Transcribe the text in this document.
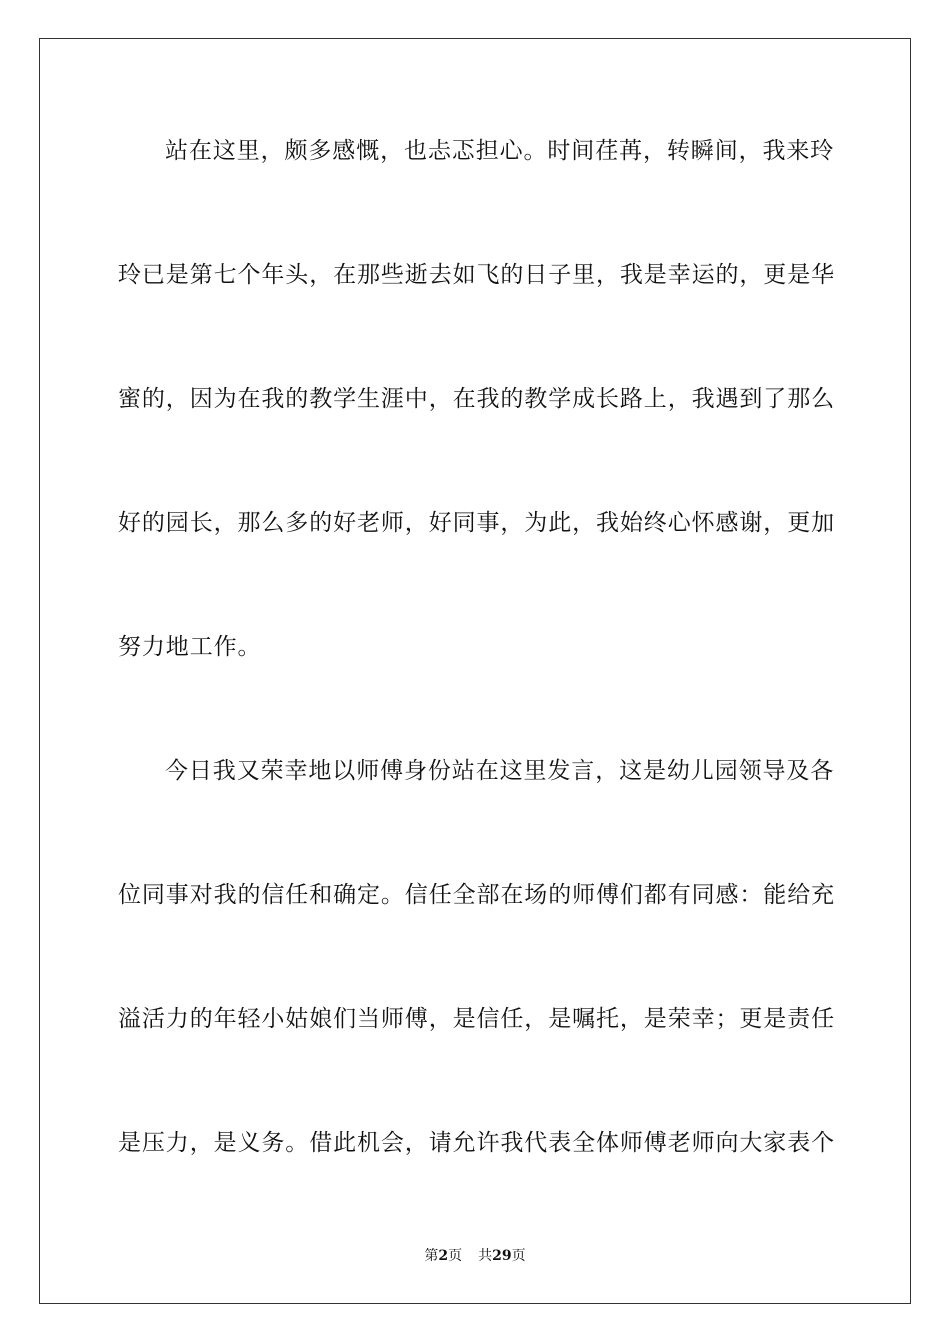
站在这里，颇多感慨，也忐忑担心。时间荏苒，转瞬间，我来玲
玲已是第七个年头，在那些逝去如飞的日子里，我是幸运的，更是华
蜜的，因为在我的教学生涯中，在我的教学成长路上，我遇到了那么
好的园长，那么多的好老师，好同事，为此，我始终心怀感谢，更加
努力地工作。
今日我又荣幸地以师傅身份站在这里发言，这是幼儿园领导及各
位同事对我的信任和确定。信任全部在场的师傅们都有同感：能给充
溢活力的年轻小姑娘们当师傅，是信任，是嘱托，是荣幸；更是责任
是压力，是义务。借此机会，请允许我代表全体师傅老师向大家表个
第2页 共29页
